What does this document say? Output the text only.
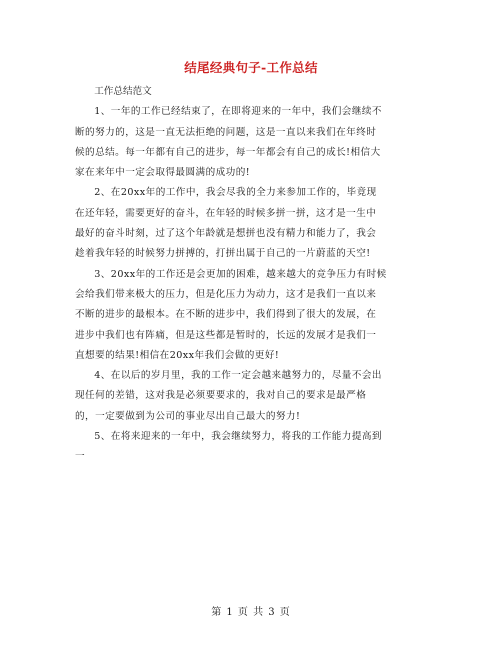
结尾经典句子-工作总结

工作总结范文

1、一年的工作已经结束了，在即将迎来的一年中，我们会继续不
断的努力的，这是一直无法拒绝的问题，这是一直以来我们在年终时
候的总结。每一年都有自己的进步，每一年都会有自己的成长!相信大
家在来年中一定会取得最圆满的成功的!
2、在20xx年的工作中，我会尽我的全力来参加工作的，毕竟现
在还年轻，需要更好的奋斗，在年轻的时候多拼一拼，这才是一生中
最好的奋斗时刻，过了这个年龄就是想拼也没有精力和能力了，我会
趁着我年轻的时候努力拼搏的，打拼出属于自己的一片蔚蓝的天空!
3、20xx年的工作还是会更加的困难，越来越大的竞争压力有时候
会给我们带来极大的压力，但是化压力为动力，这才是我们一直以来
不断的进步的最根本。在不断的进步中，我们得到了很大的发展，在
进步中我们也有阵痛，但是这些都是暂时的，长远的发展才是我们一
直想要的结果!相信在20xx年我们会做的更好!
4、在以后的岁月里，我的工作一定会越来越努力的，尽量不会出
现任何的差错，这对我是必须要要求的，我对自己的要求是最严格
的，一定要做到为公司的事业尽出自己最大的努力!
5、在将来迎来的一年中，我会继续努力，将我的工作能力提高到
一
第 1 页 共 3 页
